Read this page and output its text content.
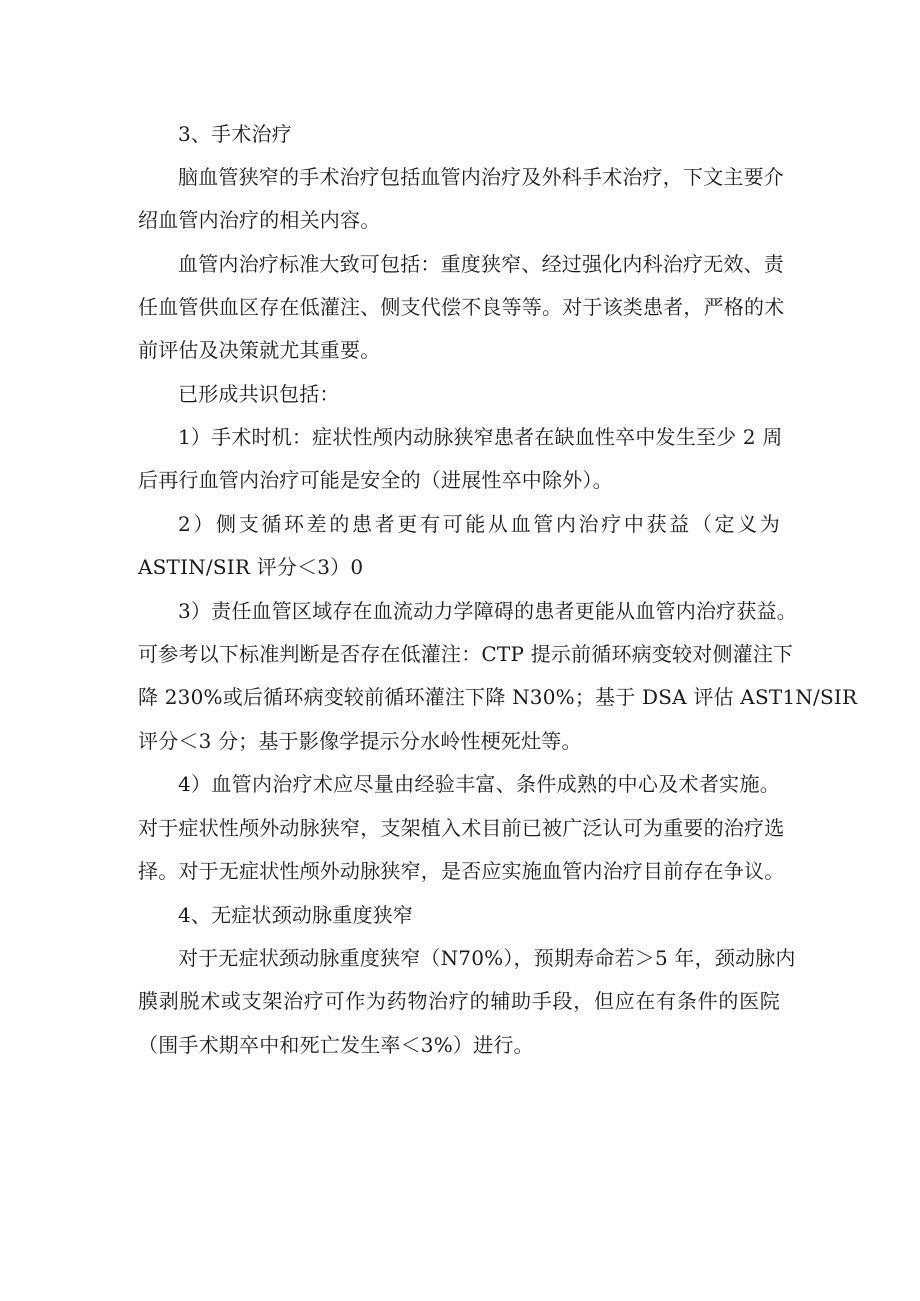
3、手术治疗
脑血管狭窄的手术治疗包括血管内治疗及外科手术治疗，下文主要介
绍血管内治疗的相关内容。
血管内治疗标准大致可包括：重度狭窄、经过强化内科治疗无效、责
任血管供血区存在低灌注、侧支代偿不良等等。对于该类患者，严格的术
前评估及决策就尤其重要。
已形成共识包括：
1）手术时机：症状性颅内动脉狭窄患者在缺血性卒中发生至少 2 周
后再行血管内治疗可能是安全的（进展性卒中除外）。
2）侧支循环差的患者更有可能从血管内治疗中获益（定义为
ASTIN/SIR 评分＜3）0
3）责任血管区域存在血流动力学障碍的患者更能从血管内治疗获益。
可参考以下标准判断是否存在低灌注：CTP 提示前循环病变较对侧灌注下
降 230%或后循环病变较前循环灌注下降 N30%；基于 DSA 评估 AST1N/SIR
评分＜3 分；基于影像学提示分水岭性梗死灶等。
4）血管内治疗术应尽量由经验丰富、条件成熟的中心及术者实施。
对于症状性颅外动脉狭窄，支架植入术目前已被广泛认可为重要的治疗选
择。对于无症状性颅外动脉狭窄，是否应实施血管内治疗目前存在争议。
4、无症状颈动脉重度狭窄
对于无症状颈动脉重度狭窄（N70%），预期寿命若＞5 年，颈动脉内
膜剥脱术或支架治疗可作为药物治疗的辅助手段，但应在有条件的医院
（围手术期卒中和死亡发生率＜3%）进行。
